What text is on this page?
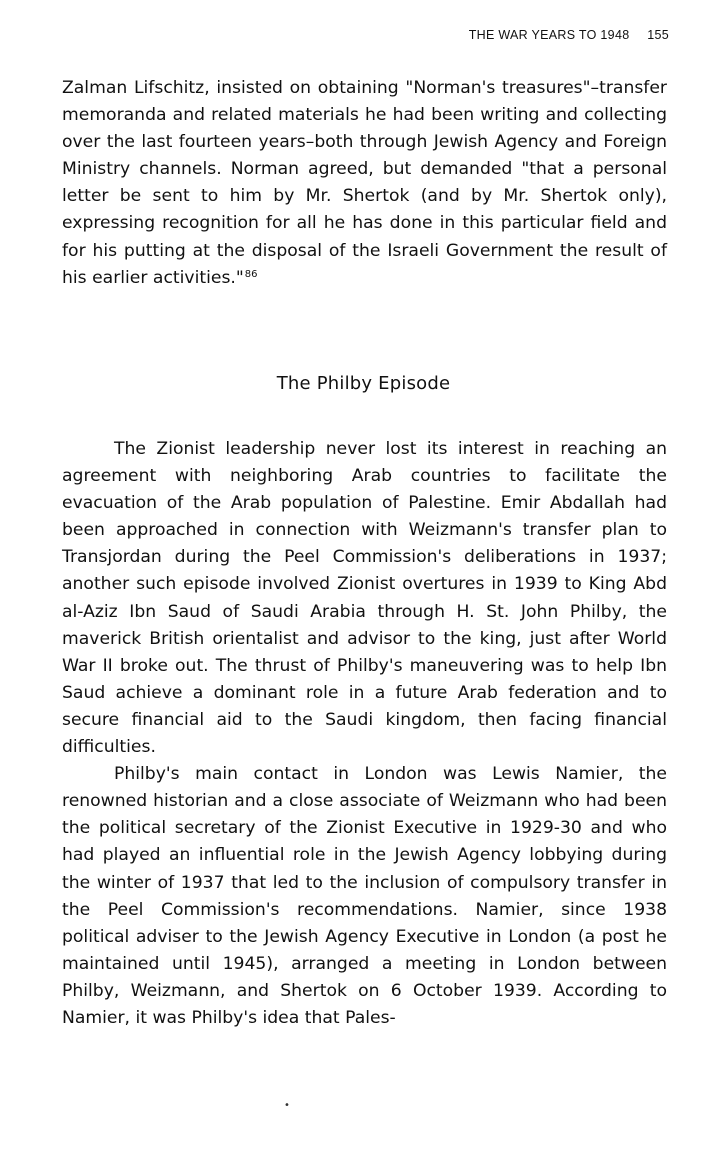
THE WAR YEARS TO 1948 155

Zalman Lifschitz, insisted on obtaining "Norman's treasures"–transfer memoranda and related materials he had been writing and collecting over the last fourteen years–both through Jewish Agency and Foreign Ministry channels. Norman agreed, but demanded "that a personal letter be sent to him by Mr. Shertok (and by Mr. Shertok only), expressing recognition for all he has done in this particular field and for his putting at the disposal of the Israeli Government the result of his earlier activities."$^{86}$

The Philby Episode

The Zionist leadership never lost its interest in reaching an agreement with neighboring Arab countries to facilitate the evacuation of the Arab population of Palestine. Emir Abdallah had been approached in connection with Weizmann's transfer plan to Transjordan during the Peel Commission's deliberations in 1937; another such episode involved Zionist overtures in 1939 to King Abd al-Aziz Ibn Saud of Saudi Arabia through H. St. John Philby, the maverick British orientalist and advisor to the king, just after World War II broke out. The thrust of Philby's maneuvering was to help Ibn Saud achieve a dominant role in a future Arab federation and to secure financial aid to the Saudi kingdom, then facing financial difficulties.

Philby's main contact in London was Lewis Namier, the renowned historian and a close associate of Weizmann who had been the political secretary of the Zionist Executive in 1929-30 and who had played an influential role in the Jewish Agency lobbying during the winter of 1937 that led to the inclusion of compulsory transfer in the Peel Commission's recommendations. Namier, since 1938 political adviser to the Jewish Agency Executive in London (a post he maintained until 1945), arranged a meeting in London between Philby, Weizmann, and Shertok on 6 October 1939. According to Namier, it was Philby's idea that Pales-

•
